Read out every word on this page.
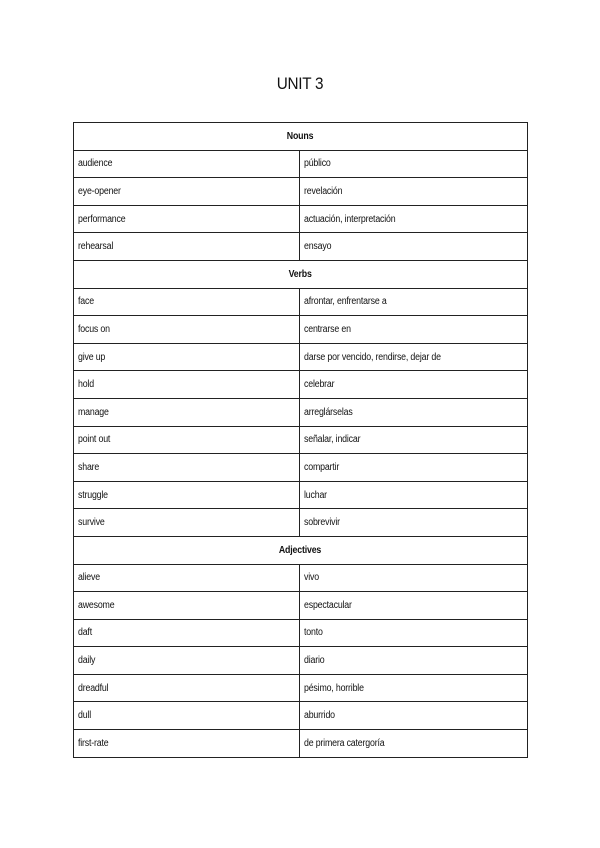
UNIT 3
Nouns	
audience	público
eye-opener	revelación
performance	actuación, interpretación
rehearsal	ensayo
Verbs	
face	afrontar, enfrentarse a
focus on	centrarse en
give up	darse por vencido, rendirse, dejar de
hold	celebrar
manage	arreglárselas
point out	señalar, indicar
share	compartir
struggle	luchar
survive	sobrevivir
Adjectives	
alieve	vivo
awesome	espectacular
daft	tonto
daily	diario
dreadful	pésimo, horrible
dull	aburrido
first-rate	de primera catergoría
